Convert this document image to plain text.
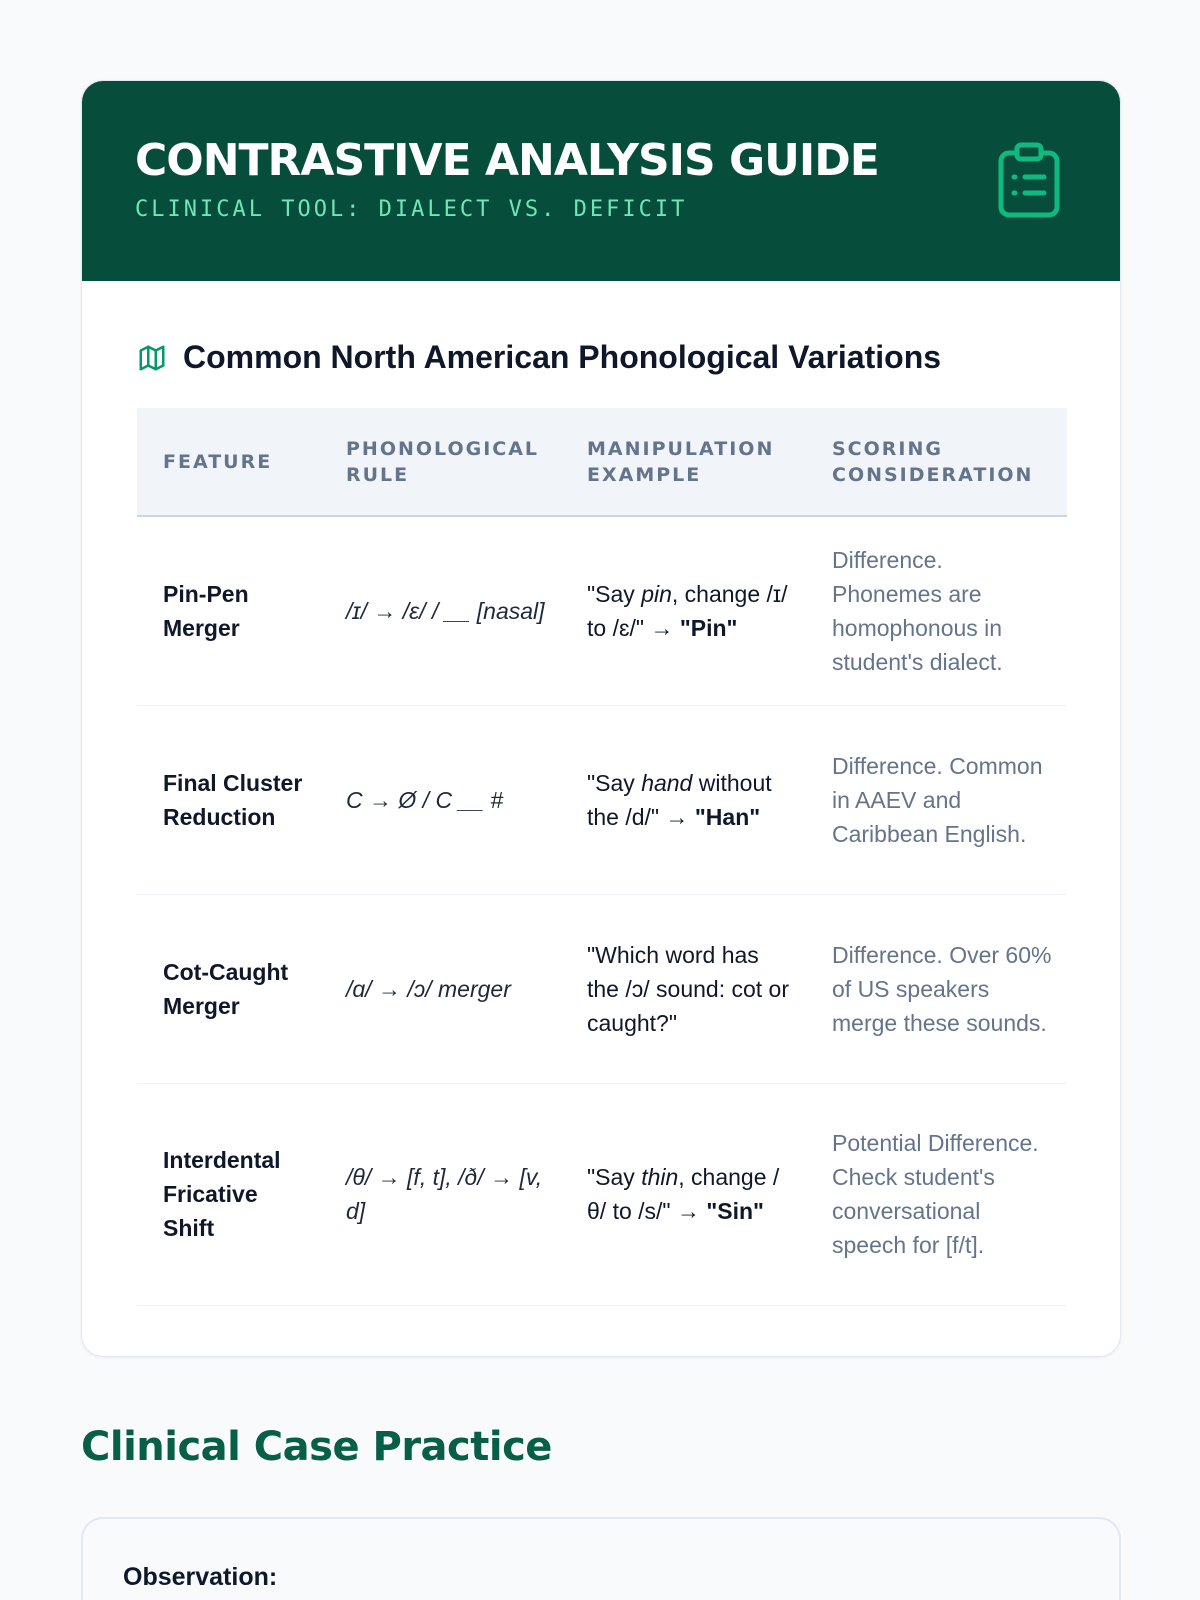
CONTRASTIVE ANALYSIS GUIDE
CLINICAL TOOL: DIALECT VS. DEFICIT
Common North American Phonological Variations
FEATURE	PHONOLOGICAL RULE	MANIPULATION EXAMPLE	SCORING CONSIDERATION
Pin-Pen Merger	/ɪ/ → /ɛ/ / __ [nasal]	"Say pin, change /ɪ/ to /ɛ/" → "Pin"	Difference. Phonemes are homophonous in student's dialect.
Final Cluster Reduction	C → Ø / C __ #	"Say hand without the /d/" → "Han"	Difference. Common in AAEV and Caribbean English.
Cot-Caught Merger	/ɑ/ → /ɔ/ merger	"Which word has the /ɔ/ sound: cot or caught?"	Difference. Over 60% of US speakers merge these sounds.
Interdental Fricative Shift	/θ/ → [f, t], /ð/ → [v, d]	"Say thin, change /θ/ to /s/" → "Sin"	Potential Difference. Check student's conversational speech for [f/t].
Clinical Case Practice
Observation:
